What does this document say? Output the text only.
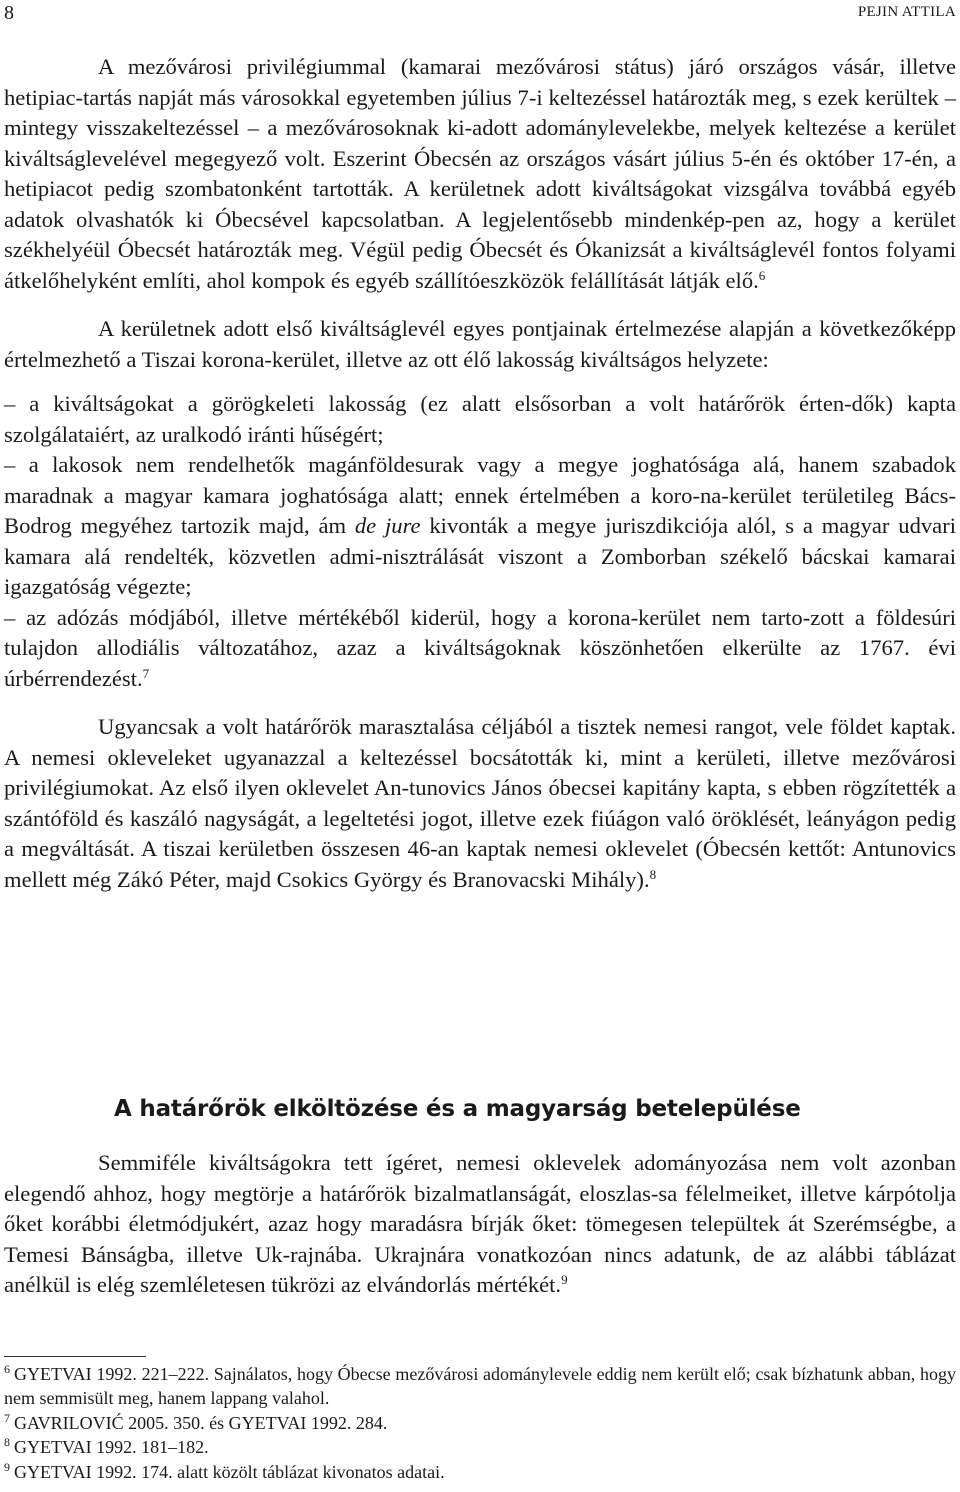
8	PEJIN ATTILA

A mezővárosi privilégiummal (kamarai mezővárosi státus) járó országos vásár, illetve hetipiac-tartás napját más városokkal egyetemben július 7-i keltezéssel határozták meg, s ezek kerültek – mintegy visszakeltezéssel – a mezővárosoknak ki-adott adománylevelekbe, melyek keltezése a kerület kiváltságlevelével megegyező volt. Eszerint Óbecsén az országos vásárt július 5-én és október 17-én, a hetipiacot pedig szombatonként tartották. A kerületnek adott kiváltságokat vizsgálva továbbá egyéb adatok olvashatók ki Óbecsével kapcsolatban. A legjelentősebb mindenkép-pen az, hogy a kerület székhelyéül Óbecsét határozták meg. Végül pedig Óbecsét és Ókanizsát a kiváltságlevél fontos folyami átkelőhelyként említi, ahol kompok és egyéb szállítóeszközök felállítását látják elő.$^6$

A kerületnek adott első kiváltságlevél egyes pontjainak értelmezése alapján a következőképp értelmezhető a Tiszai korona-kerület, illetve az ott élő lakosság kiváltságos helyzete:

– a kiváltságokat a görögkeleti lakosság (ez alatt elsősorban a volt határőrök érten-dők) kapta szolgálataiért, az uralkodó iránti hűségért;
– a lakosok nem rendelhetők magánföldesurak vagy a megye joghatósága alá, hanem szabadok maradnak a magyar kamara joghatósága alatt; ennek értelmében a koro-na-kerület területileg Bács-Bodrog megyéhez tartozik majd, ám de jure kivonták a megye juriszdikciója alól, s a magyar udvari kamara alá rendelték, közvetlen admi-nisztrálását viszont a Zomborban székelő bácskai kamarai igazgatóság végezte;
– az adózás módjából, illetve mértékéből kiderül, hogy a korona-kerület nem tarto-zott a földesúri tulajdon allodiális változatához, azaz a kiváltságoknak köszönhetően elkerülte az 1767. évi úrbérrendezést.$^7$

Ugyancsak a volt határőrök marasztalása céljából a tisztek nemesi rangot, vele földet kaptak. A nemesi okleveleket ugyanazzal a keltezéssel bocsátották ki, mint a kerületi, illetve mezővárosi privilégiumokat. Az első ilyen oklevelet An-tunovics János óbecsei kapitány kapta, s ebben rögzítették a szántóföld és kaszáló nagyságát, a legeltetési jogot, illetve ezek fiúágon való öröklését, leányágon pedig a megváltását. A tiszai kerületben összesen 46-an kaptak nemesi oklevelet (Óbecsén kettőt: Antunovics mellett még Zákó Péter, majd Csokics György és Branovacski Mihály).$^8$

A határőrök elköltözése és a magyarság betelepülése

Semmiféle kiváltságokra tett ígéret, nemesi oklevelek adományozása nem volt azonban elegendő ahhoz, hogy megtörje a határőrök bizalmatlanságát, eloszlas-sa félelmeiket, illetve kárpótolja őket korábbi életmódjukért, azaz hogy maradásra bírják őket: tömegesen települtek át Szerémségbe, a Temesi Bánságba, illetve Uk-rajnába. Ukrajnára vonatkozóan nincs adatunk, de az alábbi táblázat anélkül is elég szemléletesen tükrözi az elvándorlás mértékét.$^9$

$^6$ GYETVAI 1992. 221–222. Sajnálatos, hogy Óbecse mezővárosi adománylevele eddig nem került elő; csak bízhatunk abban, hogy nem semmisült meg, hanem lappang valahol.

$^7$ GAVRILOVIĆ 2005. 350. és GYETVAI 1992. 284.

$^8$ GYETVAI 1992. 181–182.

$^9$ GYETVAI 1992. 174. alatt közölt táblázat kivonatos adatai.
